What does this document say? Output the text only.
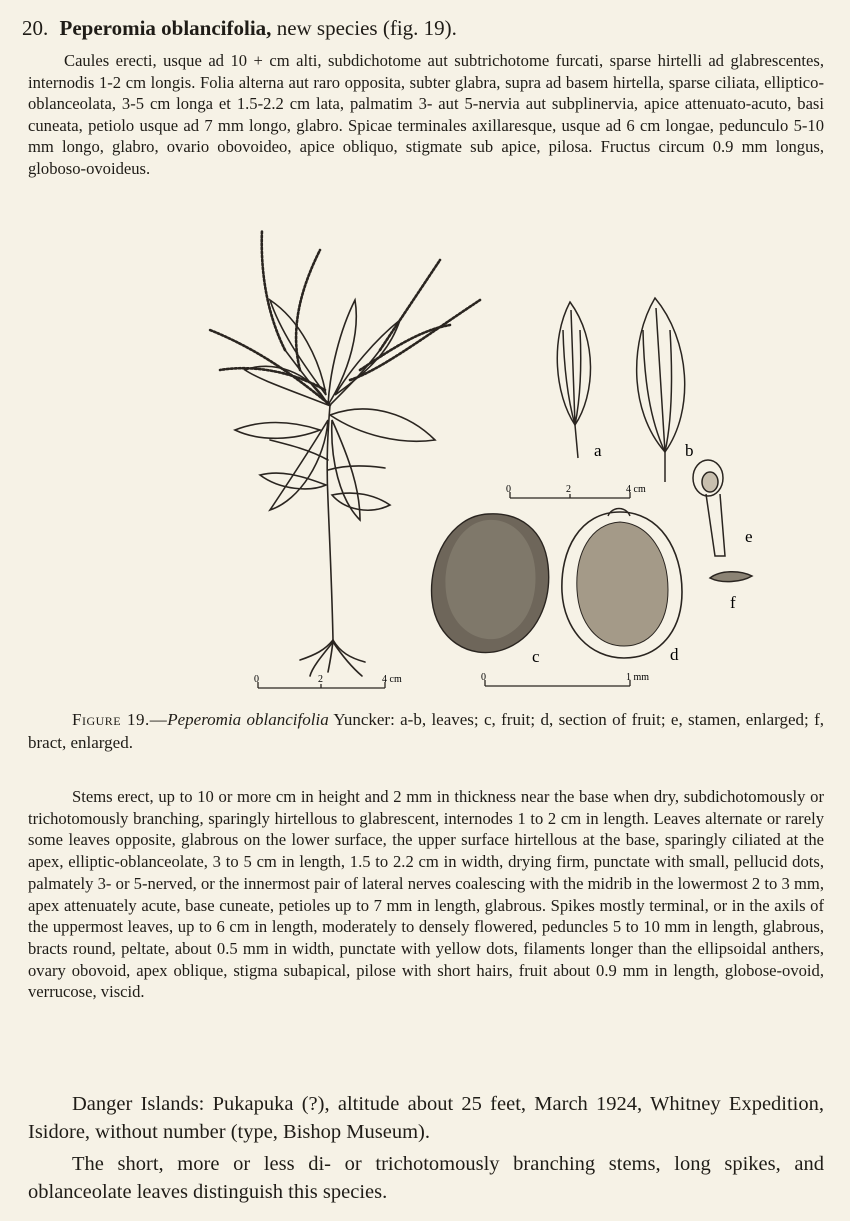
20. Peperomia oblancifolia, new species (fig. 19).

Caules erecti, usque ad 10 + cm alti, subdichotome aut subtrichotome furcati, sparse hirtelli ad glabrescentes, internodis 1-2 cm longis. Folia alterna aut raro opposita, subter glabra, supra ad basem hirtella, sparse ciliata, elliptico-oblanceolata, 3-5 cm longa et 1.5-2.2 cm lata, palmatim 3- aut 5-nervia aut subplinervia, apice attenuato-acuto, basi cuneata, petiolo usque ad 7 mm longo, glabro. Spicae terminales axillaresque, usque ad 6 cm longae, pedunculo 5-10 mm longo, glabro, ovario obovoideo, apice obliquo, stigmate sub apice, pilosa. Fructus circum 0.9 mm longus, globoso-ovoideus.

0	2	4 cm
a	b
0	2	4 cm
c	d
0	1 mm
e
f

Figure 19.—Peperomia oblancifolia Yuncker: a-b, leaves; c, fruit; d, section of fruit; e, stamen, enlarged; f, bract, enlarged.

Stems erect, up to 10 or more cm in height and 2 mm in thickness near the base when dry, subdichotomously or trichotomously branching, sparingly hirtellous to glabrescent, internodes 1 to 2 cm in length. Leaves alternate or rarely some leaves opposite, glabrous on the lower surface, the upper surface hirtellous at the base, sparingly ciliated at the apex, elliptic-oblanceolate, 3 to 5 cm in length, 1.5 to 2.2 cm in width, drying firm, punctate with small, pellucid dots, palmately 3- or 5-nerved, or the innermost pair of lateral nerves coalescing with the midrib in the lowermost 2 to 3 mm, apex attenuately acute, base cuneate, petioles up to 7 mm in length, glabrous. Spikes mostly terminal, or in the axils of the uppermost leaves, up to 6 cm in length, moderately to densely flowered, peduncles 5 to 10 mm in length, glabrous, bracts round, peltate, about 0.5 mm in width, punctate with yellow dots, filaments longer than the ellipsoidal anthers, ovary obovoid, apex oblique, stigma subapical, pilose with short hairs, fruit about 0.9 mm in length, globose-ovoid, verrucose, viscid.

Danger Islands: Pukapuka (?), altitude about 25 feet, March 1924, Whitney Expedition, Isidore, without number (type, Bishop Museum).

The short, more or less di- or trichotomously branching stems, long spikes, and oblanceolate leaves distinguish this species.
